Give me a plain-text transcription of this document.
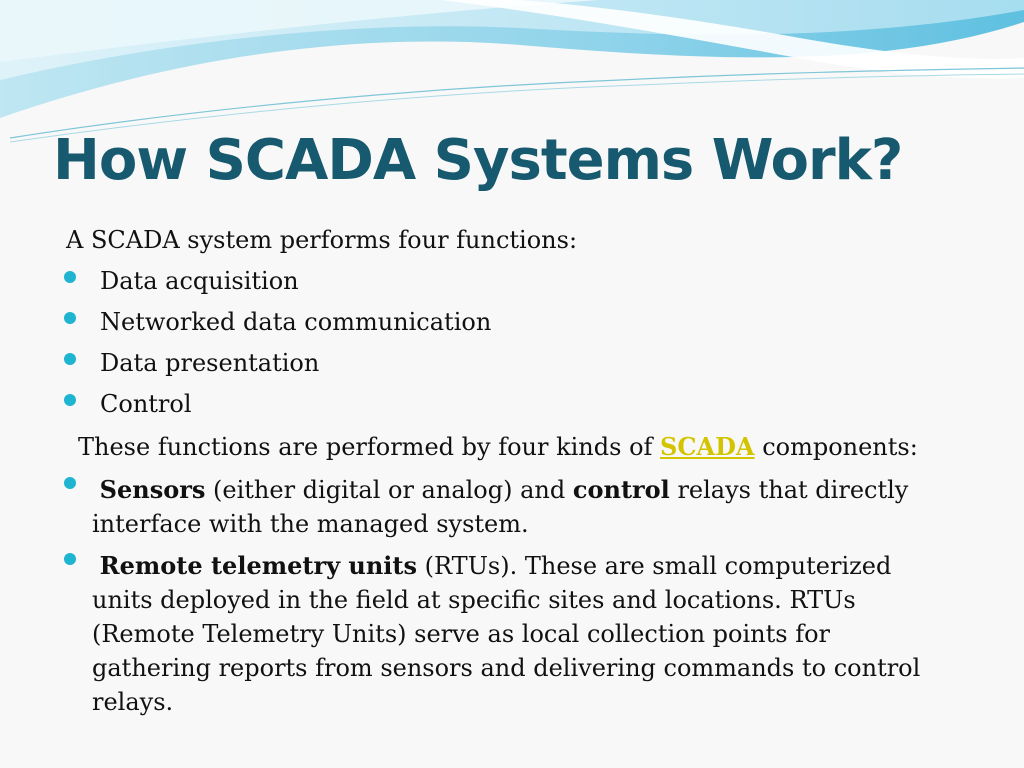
How SCADA Systems Work?
A SCADA system performs four functions:
Data acquisition
Networked data communication
Data presentation
Control
These functions are performed by four kinds of SCADA components:
Sensors (either digital or analog) and control relays that directly
interface with the managed system.
Remote telemetry units (RTUs). These are small computerized
units deployed in the field at specific sites and locations. RTUs
(Remote Telemetry Units) serve as local collection points for
gathering reports from sensors and delivering commands to control
relays.
